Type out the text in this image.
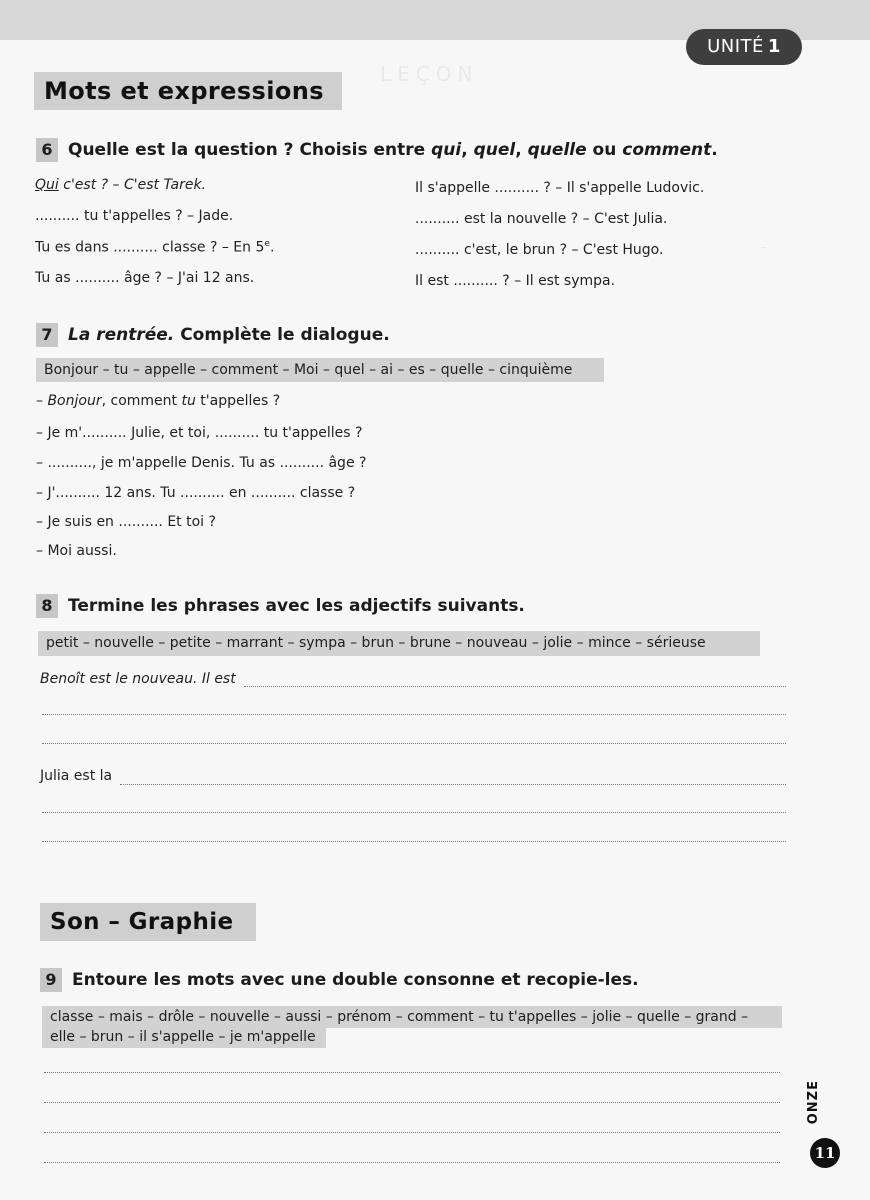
LEÇON
–
UNITÉ 1
Mots et expressions
6 Quelle est la question ? Choisis entre qui, quel, quelle ou comment.
Qui c'est ? – C'est Tarek.
.......... tu t'appelles ? – Jade.
Tu es dans .......... classe ? – En 5e.
Tu as .......... âge ? – J'ai 12 ans.
Il s'appelle .......... ? – Il s'appelle Ludovic.
.......... est la nouvelle ? – C'est Julia.
.......... c'est, le brun ? – C'est Hugo.
Il est .......... ? – Il est sympa.
7 La rentrée. Complète le dialogue.
Bonjour – tu – appelle – comment – Moi – quel – ai – es – quelle – cinquième
– Bonjour, comment tu t'appelles ?
– Je m'.......... Julie, et toi, .......... tu t'appelles ?
– .........., je m'appelle Denis. Tu as .......... âge ?
– J'.......... 12 ans. Tu .......... en .......... classe ?
– Je suis en .......... Et toi ?
– Moi aussi.
8 Termine les phrases avec les adjectifs suivants.
petit – nouvelle – petite – marrant – sympa – brun – brune – nouveau – jolie – mince – sérieuse
Benoît est le nouveau. Il est
Julia est la
Son – Graphie
9 Entoure les mots avec une double consonne et recopie-les.
classe – mais – drôle – nouvelle – aussi – prénom – comment – tu t'appelles – jolie – quelle – grand –
elle – brun – il s'appelle – je m'appelle
ONZE
11
